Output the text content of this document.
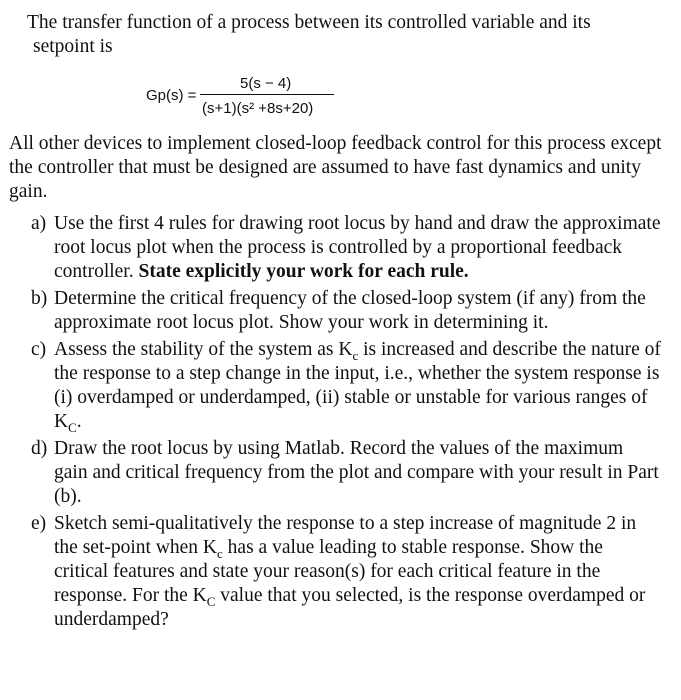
The transfer function of a process between its controlled variable and its
setpoint is
Gp(s) =
5(s − 4)
(s+1)(s² +8s+20)
All other devices to implement closed-loop feedback control for this process except the controller that must be designed are assumed to have fast dynamics and unity gain.
a) Use the first 4 rules for drawing root locus by hand and draw the approximate root locus plot when the process is controlled by a proportional feedback controller. State explicitly your work for each rule.
b) Determine the critical frequency of the closed-loop system (if any) from the approximate root locus plot. Show your work in determining it.
c) Assess the stability of the system as $K_c$ is increased and describe the nature of the response to a step change in the input, i.e., whether the system response is (i) overdamped or underdamped, (ii) stable or unstable for various ranges of $K_C$.
d) Draw the root locus by using Matlab. Record the values of the maximum gain and critical frequency from the plot and compare with your result in Part (b).
e) Sketch semi-qualitatively the response to a step increase of magnitude 2 in the set-point when $K_c$ has a value leading to stable response. Show the critical features and state your reason(s) for each critical feature in the response. For the $K_C$ value that you selected, is the response overdamped or underdamped?
